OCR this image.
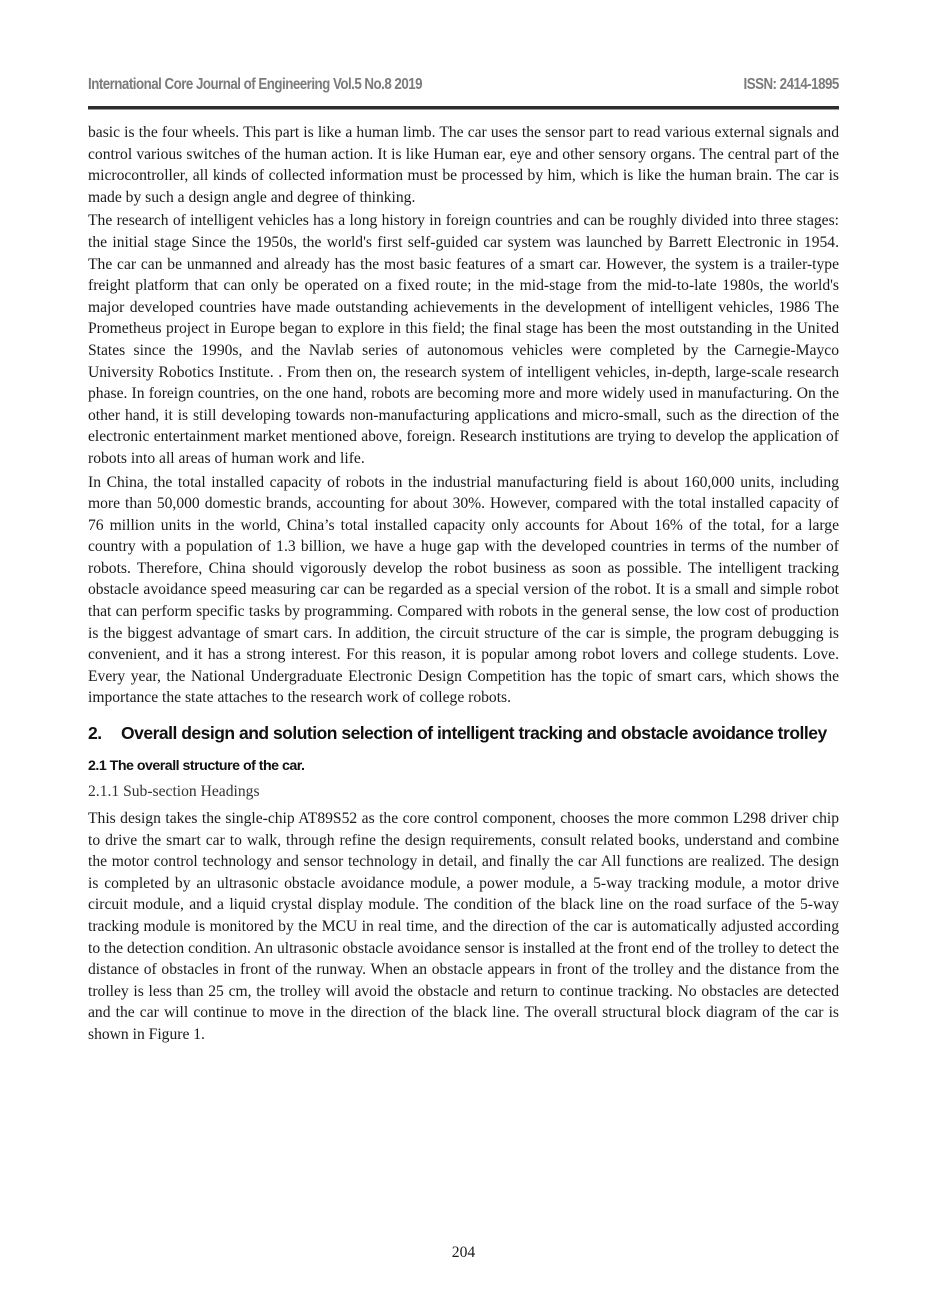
International Core Journal of Engineering Vol.5 No.8 2019	ISSN: 2414-1895

basic is the four wheels. This part is like a human limb. The car uses the sensor part to read various external signals and control various switches of the human action. It is like Human ear, eye and other sensory organs. The central part of the microcontroller, all kinds of collected information must be processed by him, which is like the human brain. The car is made by such a design angle and degree of thinking.

The research of intelligent vehicles has a long history in foreign countries and can be roughly divided into three stages: the initial stage Since the 1950s, the world's first self-guided car system was launched by Barrett Electronic in 1954. The car can be unmanned and already has the most basic features of a smart car. However, the system is a trailer-type freight platform that can only be operated on a fixed route; in the mid-stage from the mid-to-late 1980s, the world's major developed countries have made outstanding achievements in the development of intelligent vehicles, 1986 The Prometheus project in Europe began to explore in this field; the final stage has been the most outstanding in the United States since the 1990s, and the Navlab series of autonomous vehicles were completed by the Carnegie-Mayco University Robotics Institute. . From then on, the research system of intelligent vehicles, in-depth, large-scale research phase. In foreign countries, on the one hand, robots are becoming more and more widely used in manufacturing. On the other hand, it is still developing towards non-manufacturing applications and micro-small, such as the direction of the electronic entertainment market mentioned above, foreign. Research institutions are trying to develop the application of robots into all areas of human work and life.

In China, the total installed capacity of robots in the industrial manufacturing field is about 160,000 units, including more than 50,000 domestic brands, accounting for about 30%. However, compared with the total installed capacity of 76 million units in the world, China’s total installed capacity only accounts for About 16% of the total, for a large country with a population of 1.3 billion, we have a huge gap with the developed countries in terms of the number of robots. Therefore, China should vigorously develop the robot business as soon as possible. The intelligent tracking obstacle avoidance speed measuring car can be regarded as a special version of the robot. It is a small and simple robot that can perform specific tasks by programming. Compared with robots in the general sense, the low cost of production is the biggest advantage of smart cars. In addition, the circuit structure of the car is simple, the program debugging is convenient, and it has a strong interest. For this reason, it is popular among robot lovers and college students. Love. Every year, the National Undergraduate Electronic Design Competition has the topic of smart cars, which shows the importance the state attaches to the research work of college robots.

2.	Overall design and solution selection of intelligent tracking and obstacle avoidance trolley
2.1 The overall structure of the car.
2.1.1 Sub-section Headings

This design takes the single-chip AT89S52 as the core control component, chooses the more common L298 driver chip to drive the smart car to walk, through refine the design requirements, consult related books, understand and combine the motor control technology and sensor technology in detail, and finally the car All functions are realized. The design is completed by an ultrasonic obstacle avoidance module, a power module, a 5-way tracking module, a motor drive circuit module, and a liquid crystal display module. The condition of the black line on the road surface of the 5-way tracking module is monitored by the MCU in real time, and the direction of the car is automatically adjusted according to the detection condition. An ultrasonic obstacle avoidance sensor is installed at the front end of the trolley to detect the distance of obstacles in front of the runway. When an obstacle appears in front of the trolley and the distance from the trolley is less than 25 cm, the trolley will avoid the obstacle and return to continue tracking. No obstacles are detected and the car will continue to move in the direction of the black line. The overall structural block diagram of the car is shown in Figure 1.

204
